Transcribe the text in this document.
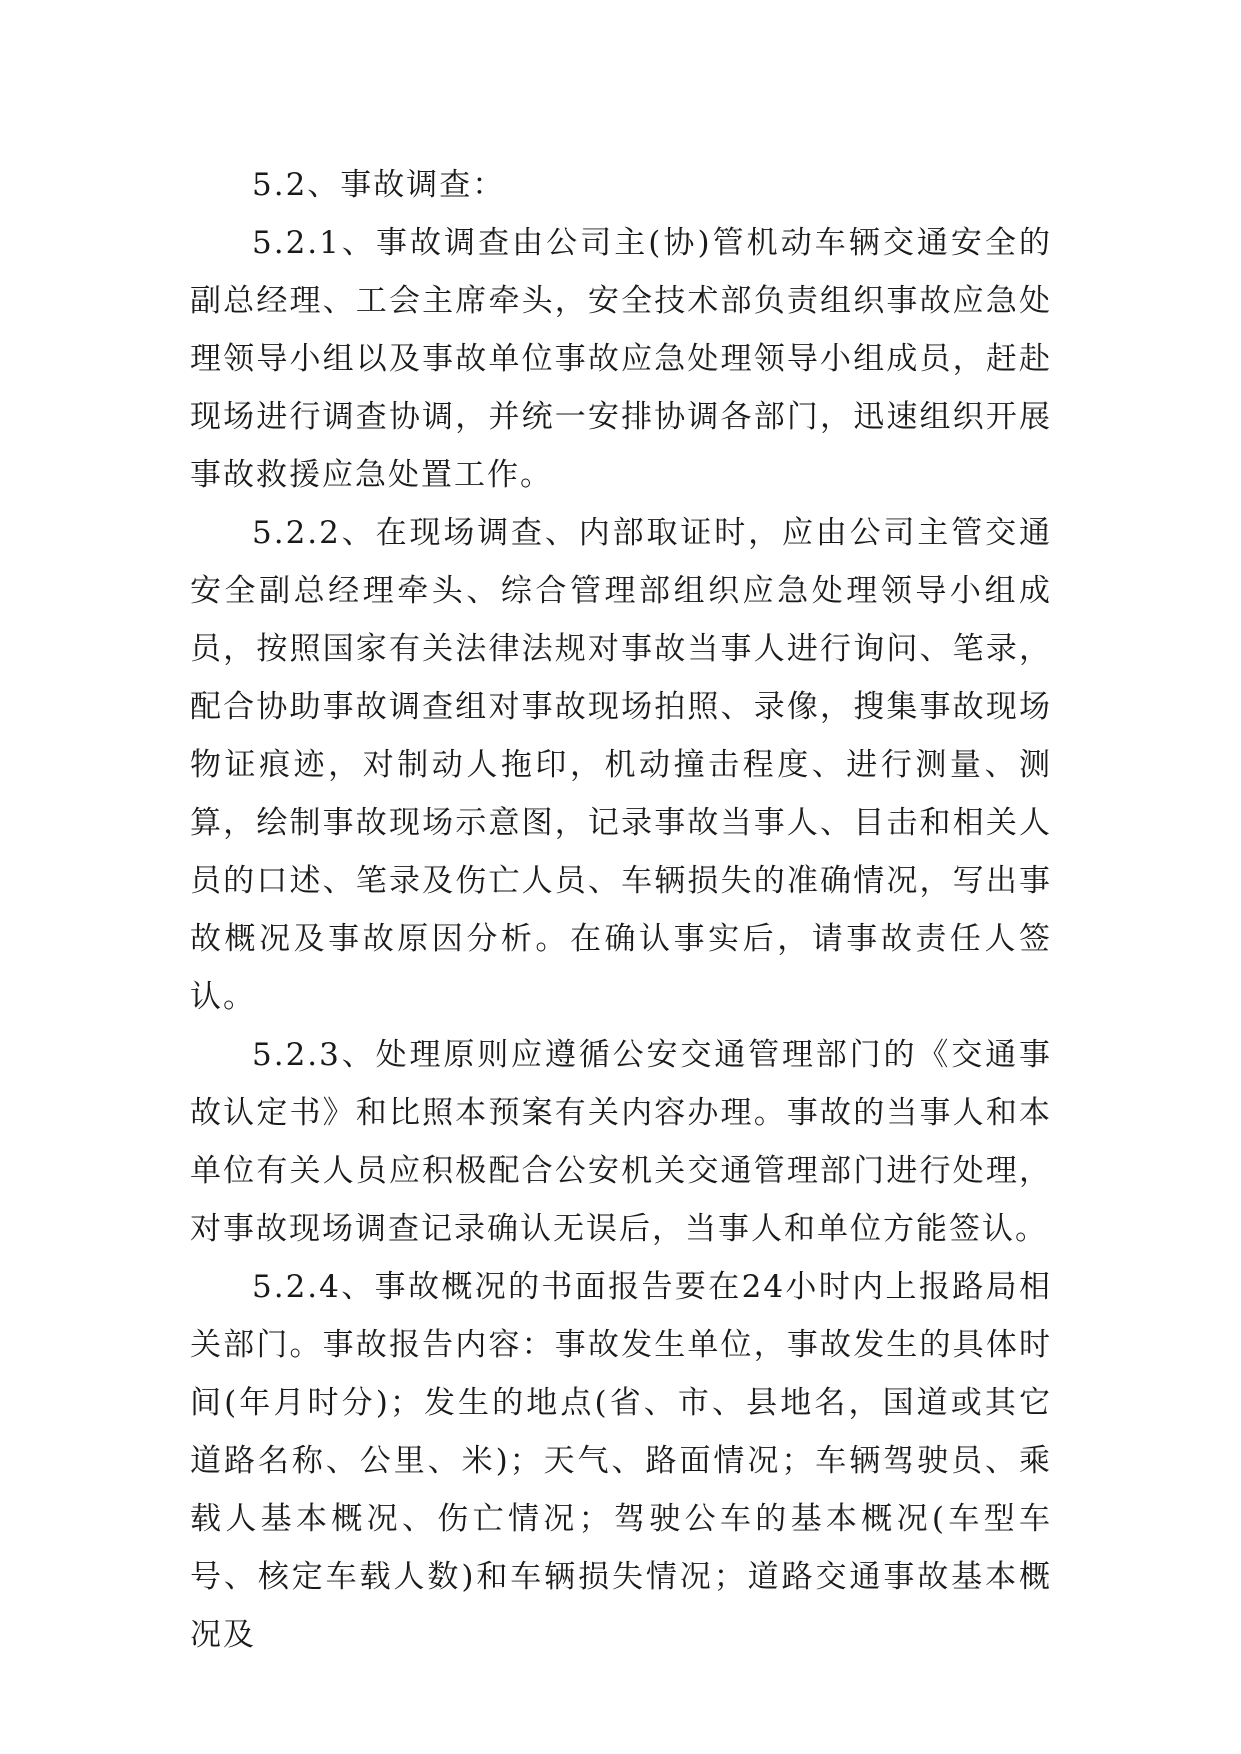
5.2、事故调查：

5.2.1、事故调查由公司主(协)管机动车辆交通安全的副总经理、工会主席牵头，安全技术部负责组织事故应急处理领导小组以及事故单位事故应急处理领导小组成员，赶赴现场进行调查协调，并统一安排协调各部门，迅速组织开展事故救援应急处置工作。

5.2.2、在现场调查、内部取证时，应由公司主管交通安全副总经理牵头、综合管理部组织应急处理领导小组成员，按照国家有关法律法规对事故当事人进行询问、笔录，配合协助事故调查组对事故现场拍照、录像，搜集事故现场物证痕迹，对制动人拖印，机动撞击程度、进行测量、测算，绘制事故现场示意图，记录事故当事人、目击和相关人员的口述、笔录及伤亡人员、车辆损失的准确情况，写出事故概况及事故原因分析。在确认事实后，请事故责任人签认。

5.2.3、处理原则应遵循公安交通管理部门的《交通事故认定书》和比照本预案有关内容办理。事故的当事人和本单位有关人员应积极配合公安机关交通管理部门进行处理，对事故现场调查记录确认无误后，当事人和单位方能签认。

5.2.4、事故概况的书面报告要在24小时内上报路局相关部门。事故报告内容：事故发生单位，事故发生的具体时间(年月时分)；发生的地点(省、市、县地名，国道或其它道路名称、公里、米)；天气、路面情况；车辆驾驶员、乘载人基本概况、伤亡情况；驾驶公车的基本概况(车型车号、核定车载人数)和车辆损失情况；道路交通事故基本概况及
